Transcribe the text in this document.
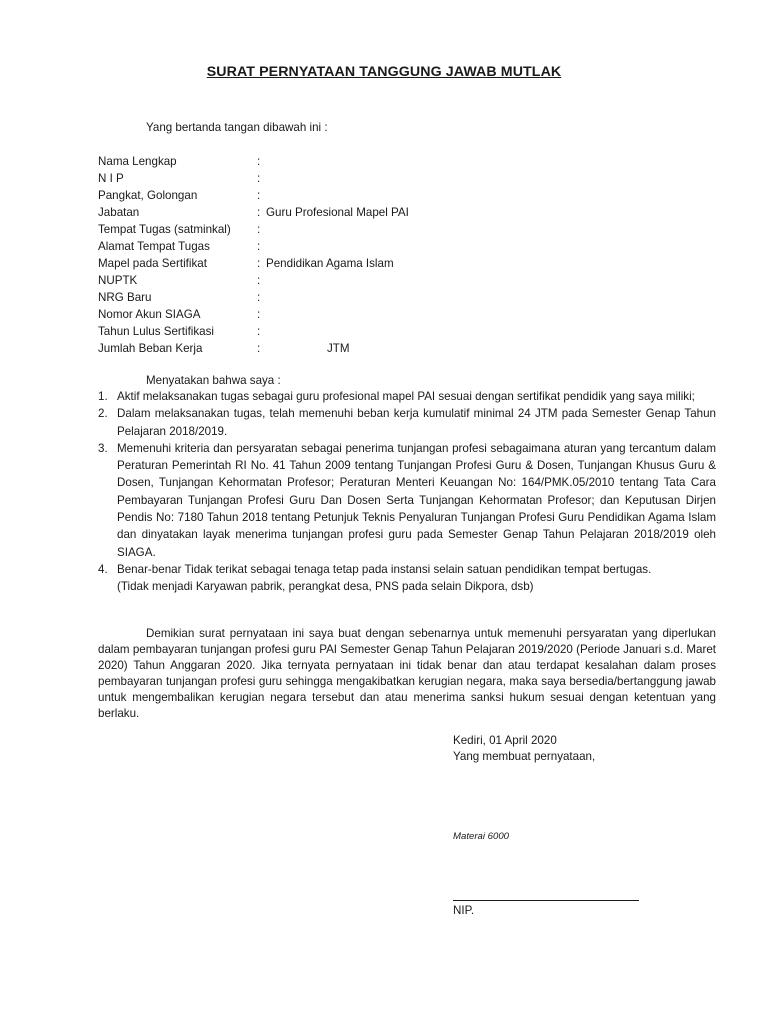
SURAT PERNYATAAN TANGGUNG JAWAB MUTLAK
Yang bertanda tangan dibawah ini :
Nama Lengkap	:
N I P	:
Pangkat, Golongan	:
Jabatan	: Guru Profesional Mapel PAI
Tempat Tugas (satminkal) :
Alamat Tempat Tugas	:
Mapel pada Sertifikat	: Pendidikan Agama Islam
NUPTK	:
NRG Baru	:
Nomor Akun SIAGA	:
Tahun Lulus Sertifikasi	:
Jumlah Beban Kerja	:	JTM
Menyatakan bahwa saya :
1. Aktif melaksanakan tugas sebagai guru profesional mapel PAI sesuai dengan sertifikat pendidik yang saya miliki;
2. Dalam melaksanakan tugas, telah memenuhi beban kerja kumulatif minimal 24 JTM pada Semester Genap Tahun Pelajaran 2018/2019.
3. Memenuhi kriteria dan persyaratan sebagai penerima tunjangan profesi sebagaimana aturan yang tercantum dalam Peraturan Pemerintah RI No. 41 Tahun 2009 tentang Tunjangan Profesi Guru & Dosen, Tunjangan Khusus Guru & Dosen, Tunjangan Kehormatan Profesor; Peraturan Menteri Keuangan No: 164/PMK.05/2010 tentang Tata Cara Pembayaran Tunjangan Profesi Guru Dan Dosen Serta Tunjangan Kehormatan Profesor; dan Keputusan Dirjen Pendis No: 7180 Tahun 2018 tentang Petunjuk Teknis Penyaluran Tunjangan Profesi Guru Pendidikan Agama Islam dan dinyatakan layak menerima tunjangan profesi guru pada Semester Genap Tahun Pelajaran 2018/2019 oleh SIAGA.
4. Benar-benar Tidak terikat sebagai tenaga tetap pada instansi selain satuan pendidikan tempat bertugas.
(Tidak menjadi Karyawan pabrik, perangkat desa, PNS pada selain Dikpora, dsb)
Demikian surat pernyataan ini saya buat dengan sebenarnya untuk memenuhi persyaratan yang diperlukan dalam pembayaran tunjangan profesi guru PAI Semester Genap Tahun Pelajaran 2019/2020 (Periode Januari s.d. Maret 2020) Tahun Anggaran 2020. Jika ternyata pernyataan ini tidak benar dan atau terdapat kesalahan dalam proses pembayaran tunjangan profesi guru sehingga mengakibatkan kerugian negara, maka saya bersedia/bertanggung jawab untuk mengembalikan kerugian negara tersebut dan atau menerima sanksi hukum sesuai dengan ketentuan yang berlaku.
Kediri, 01 April 2020
Yang membuat pernyataan,
Materai 6000
NIP.
